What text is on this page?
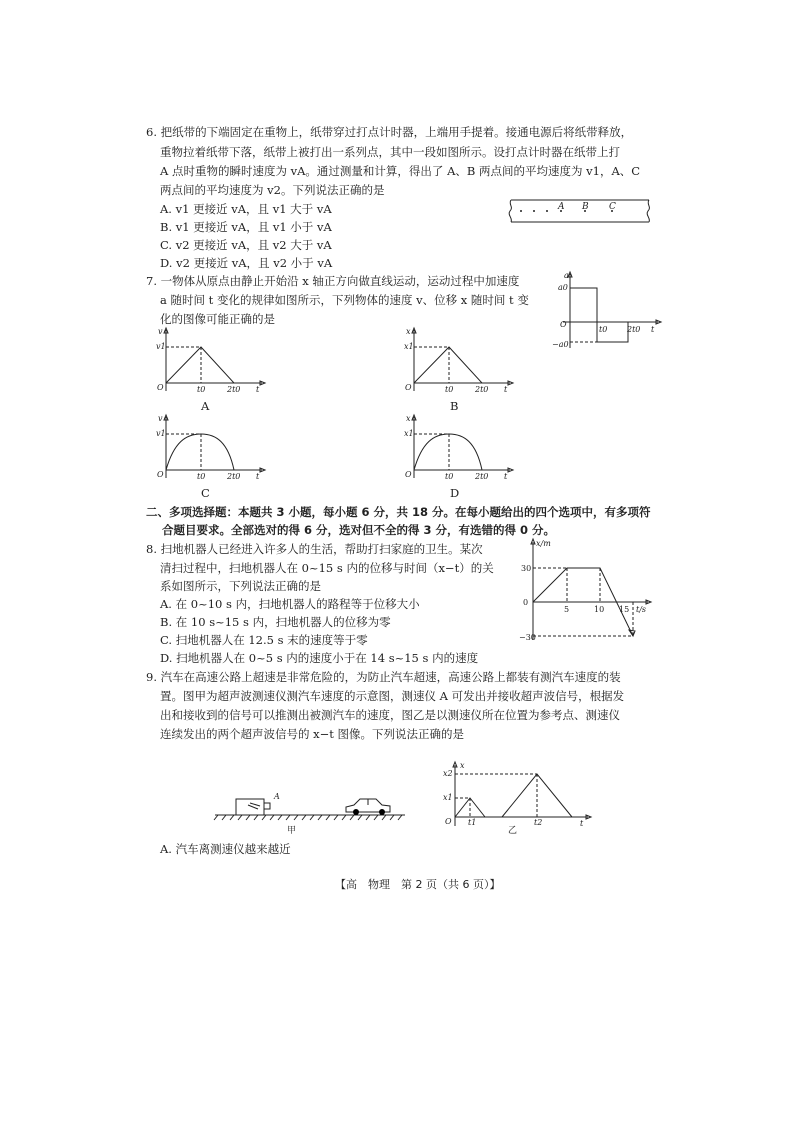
6. 把纸带的下端固定在重物上，纸带穿过打点计时器，上端用手提着。接通电源后将纸带释放，
重物拉着纸带下落，纸带上被打出一系列点，其中一段如图所示。设打点计时器在纸带上打
A 点时重物的瞬时速度为 vA。通过测量和计算，得出了 A、B 两点间的平均速度为 v1，A、C
两点间的平均速度为 v2。下列说法正确的是
A. v1 更接近 vA，且 v1 大于 vA
B. v1 更接近 vA，且 v1 小于 vA
C. v2 更接近 vA，且 v2 大于 vA
D. v2 更接近 vA，且 v2 小于 vA
A B C
7. 一物体从原点由静止开始沿 x 轴正方向做直线运动，运动过程中加速度
a 随时间 t 变化的规律如图所示，下列物体的速度 v、位移 x 随时间 t 变
化的图像可能正确的是
a
a0
−a0
O
t0 2t0 t
v
v1
O	t0	2t0 t
A
x
x1
O	t0	2t0 t
B
v
v1
O	t0	2t0 t
C
x
x1
O	t0	2t0 t
D
二、多项选择题：本题共 3 小题，每小题 6 分，共 18 分。在每小题给出的四个选项中，有多项符
合题目要求。全部选对的得 6 分，选对但不全的得 3 分，有选错的得 0 分。
8. 扫地机器人已经进入许多人的生活，帮助打扫家庭的卫生。某次
清扫过程中，扫地机器人在 0~15 s 内的位移与时间（x−t）的关
系如图所示，下列说法正确的是
A. 在 0~10 s 内，扫地机器人的路程等于位移大小
B. 在 10 s~15 s 内，扫地机器人的位移为零
C. 扫地机器人在 12.5 s 末的速度等于零
D. 扫地机器人在 0~5 s 内的速度小于在 14 s~15 s 内的速度
x/m
30
0
−30
5	10 15 t/s
9. 汽车在高速公路上超速是非常危险的，为防止汽车超速，高速公路上都装有测汽车速度的装
置。图甲为超声波测速仪测汽车速度的示意图，测速仪 A 可发出并接收超声波信号，根据发
出和接收到的信号可以推测出被测汽车的速度，图乙是以测速仪所在位置为参考点、测速仪
连续发出的两个超声波信号的 x−t 图像。下列说法正确的是
A
甲
x
x2
x1
O t1	t2	t
乙
A. 汽车离测速仪越来越近
【高　物理　第 2 页（共 6 页）】
